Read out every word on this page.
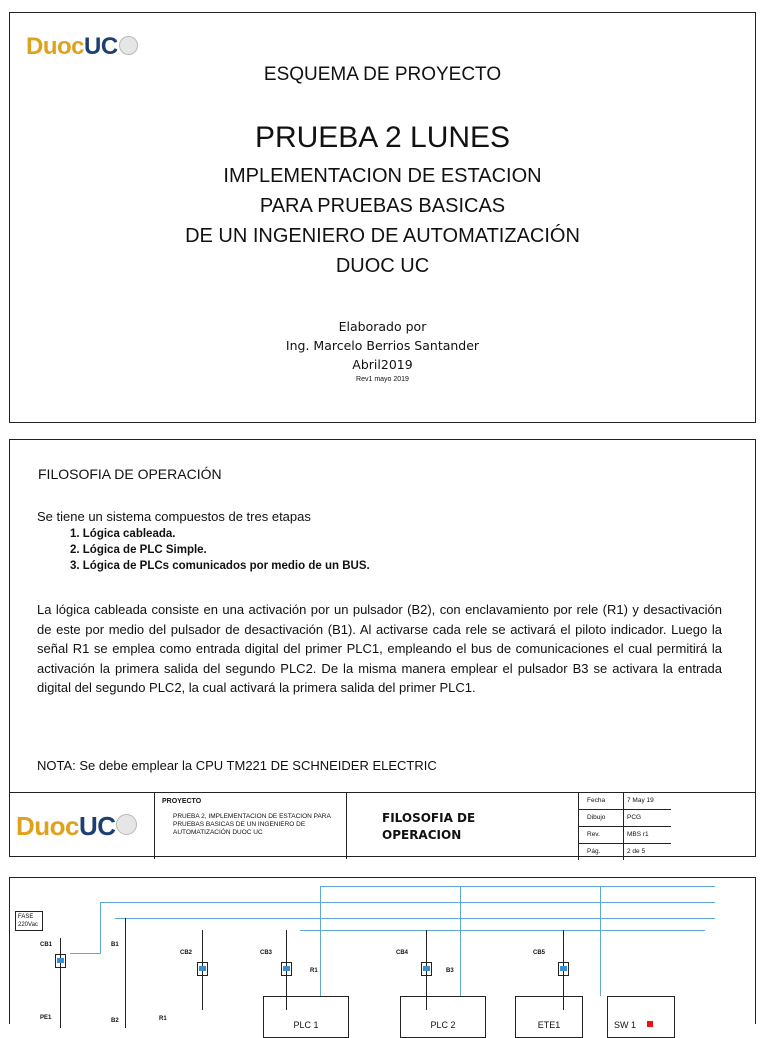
DuocUC
ESQUEMA DE PROYECTO
PRUEBA 2 LUNES
IMPLEMENTACION DE ESTACION
PARA PRUEBAS BASICAS
DE UN INGENIERO DE AUTOMATIZACIÓN
DUOC UC
Elaborado por
Ing. Marcelo Berrios Santander
Abril2019
Rev1 mayo 2019
FILOSOFIA DE OPERACIÓN
Se tiene un sistema compuestos de tres etapas
1. Lógica cableada.
2. Lógica de PLC Simple.
3. Lógica de PLCs comunicados por medio de un BUS.
La lógica cableada consiste en una activación por un pulsador (B2), con enclavamiento por rele (R1) y desactivación de este por medio del pulsador de desactivación (B1). Al activarse cada rele se activará el piloto indicador. Luego la señal R1 se emplea como entrada digital del primer PLC1, empleando el bus de comunicaciones el cual permitirá la activación la primera salida del segundo PLC2. De la misma manera emplear el pulsador B3 se activara la entrada digital del segundo PLC2, la cual activará la primera salida del primer PLC1.
NOTA: Se debe emplear la CPU TM221 DE SCHNEIDER ELECTRIC
DuocUC
PROYECTO
PRUEBA 2, IMPLEMENTACION DE ESTACION PARA PRUEBAS BASICAS DE UN INGENIERO DE AUTOMATIZACIÓN DUOC UC
FILOSOFIA DE
OPERACION
Fecha	7 May 19
Dibujo	PCG
Rev.	MBS r1
Pág.	2 de 5
FASE
220Vac
CB1	B1
CB2	CB3
R1
CB4
B3
CB5
PE1	B2	R1
PLC 1	PLC 2	ETE1	SW 1
